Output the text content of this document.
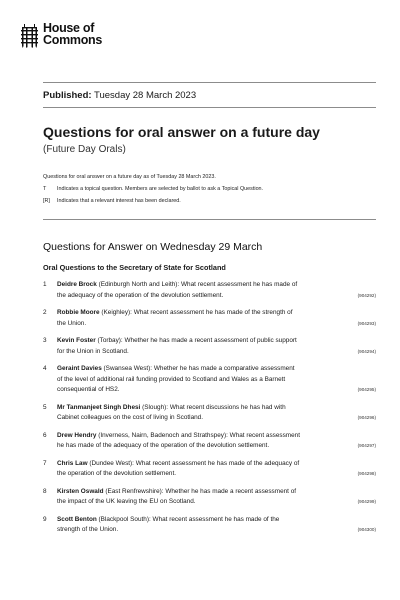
House of
Commons
Published: Tuesday 28 March 2023
Questions for oral answer on a future day
(Future Day Orals)
Questions for oral answer on a future day as of Tuesday 28 March 2023.
T	Indicates a topical question. Members are selected by ballot to ask a Topical Question.
[R]	Indicates that a relevant interest has been declared.
Questions for Answer on Wednesday 29 March
Oral Questions to the Secretary of State for Scotland
1 Deidre Brock (Edinburgh North and Leith): What recent assessment he has made of
the adequacy of the operation of the devolution settlement.	(904292)
2 Robbie Moore (Keighley): What recent assessment he has made of the strength of
the Union.	(904293)
3 Kevin Foster (Torbay): Whether he has made a recent assessment of public support
for the Union in Scotland.	(904294)
4 Geraint Davies (Swansea West): Whether he has made a comparative assessment
of the level of additional rail funding provided to Scotland and Wales as a Barnett
consequential of HS2.	(904295)
5 Mr Tanmanjeet Singh Dhesi (Slough): What recent discussions he has had with
Cabinet colleagues on the cost of living in Scotland.	(904296)
6 Drew Hendry (Inverness, Nairn, Badenoch and Strathspey): What recent assessment
he has made of the adequacy of the operation of the devolution settlement.	(904297)
7 Chris Law (Dundee West): What recent assessment he has made of the adequacy of
the operation of the devolution settlement.	(904298)
8 Kirsten Oswald (East Renfrewshire): Whether he has made a recent assessment of
the impact of the UK leaving the EU on Scotland.	(904299)
9 Scott Benton (Blackpool South): What recent assessment he has made of the
strength of the Union.	(904300)
